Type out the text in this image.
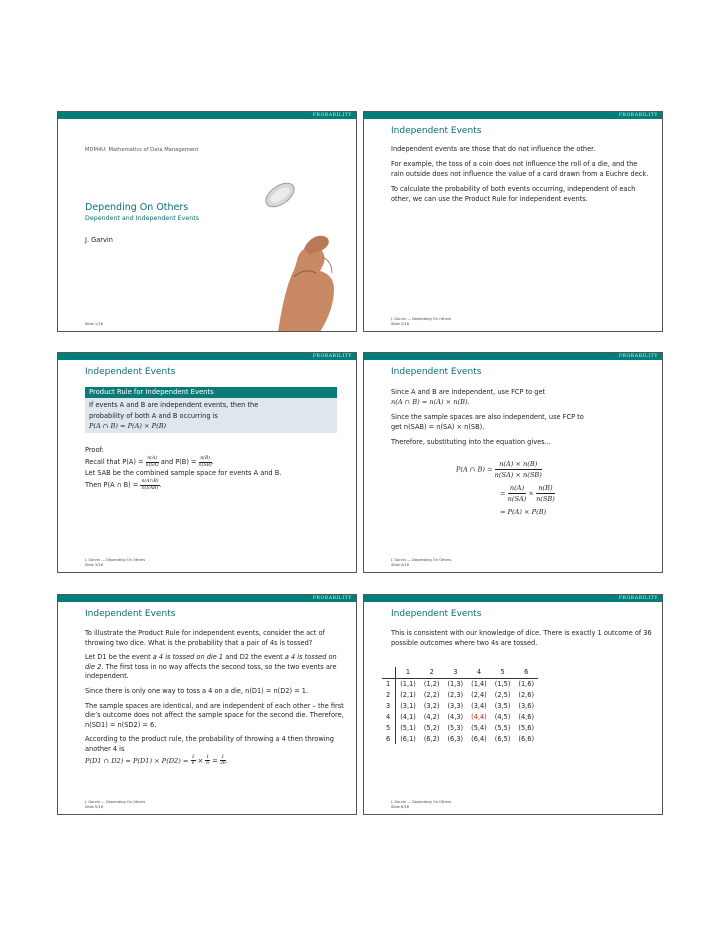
PROBABILITY
MDM4U: Mathematics of Data Management
Depending On Others
Dependent and Independent Events
J. Garvin
Slide 1/16
PROBABILITY
Independent Events

Independent events are those that do not influence the other.

For example, the toss of a coin does not influence the roll of a die, and the rain outside does not influence the value of a card drawn from a Euchre deck.

To calculate the probability of both events occurring, independent of each other, we can use the Product Rule for independent events.

J. Garvin — Depending On Others
Slide 2/16
PROBABILITY
Independent Events
Product Rule for Independent Events
If events A and B are independent events, then the
probability of both A and B occurring is
P(A ∩ B) = P(A) × P(B)
Proof:
Recall that $P(A) = \frac{n(A)}{n(SA)}$ and $P(B) = \frac{n(B)}{n(SB)}$ .
Let SAB be the combined sample space for events A and B.
Then P(A ∩ $B) = \frac{n(A\cap B)}{\text{n(SAB)}}$ .
J. Garvin — Depending On Others
Slide 3/16
PROBABILITY
Independent Events
Since A and B are independent, use FCP to get
n(A ∩ B) = n(A) × n(B).
Since the sample spaces are also independent, use FCP to
get n(SAB) = n(SA) × n(SB).
Therefore, substituting into the equation gives...
P(A ∩ $B) = \frac{n(A) \times n(B)}{n(SA) \times n(SB)}$
= $\frac{n(A)}{n(SA)} \times \frac{n(B)}{n(SB)}$
= P(A) × P(B)
J. Garvin — Depending On Others
Slide 4/16
PROBABILITY
Independent Events

To illustrate the Product Rule for independent events, consider the act of throwing two dice. What is the probability that a pair of 4s is tossed?

Let D1 be the event a 4 is tossed on die 1 and D2 the event a 4 is tossed on die 2. The first toss in no way affects the second toss, so the two events are independent.

Since there is only one way to toss a 4 on a die, n(D1) = n(D2) = 1.

The sample spaces are identical, and are independent of each other – the first die’s outcome does not affect the sample space for the second die. Therefore, n(SD1) = n(SD2) = 6.

According to the product rule, the probability of throwing a 4 then throwing another 4 is
P(D1 ∩ $D2) = P(D1) \times P(D2) = \frac{1}{6} \times \frac{1}{6} = \frac{1}{36}$ .
J. Garvin — Depending On Others
Slide 5/16
PROBABILITY
Independent Events

This is consistent with our knowledge of dice. There is exactly 1 outcome of 36 possible outcomes where two 4s are tossed.

	1	2	3	4	5	6
1	(1,1)	(1,2)	(1,3)	(1,4)	(1,5)	(1,6)
2	(2,1)	(2,2)	(2,3)	(2,4)	(2,5)	(2,6)
3	(3,1)	(3,2)	(3,3)	(3,4)	(3,5)	(3,6)
4	(4,1)	(4,2)	(4,3)	(4,4)	(4,5)	(4,6)
5	(5,1)	(5,2)	(5,3)	(5,4)	(5,5)	(5,6)
6	(6,1)	(6,2)	(6,3)	(6,4)	(6,5)	(6,6)
J. Garvin — Depending On Others
Slide 6/16
